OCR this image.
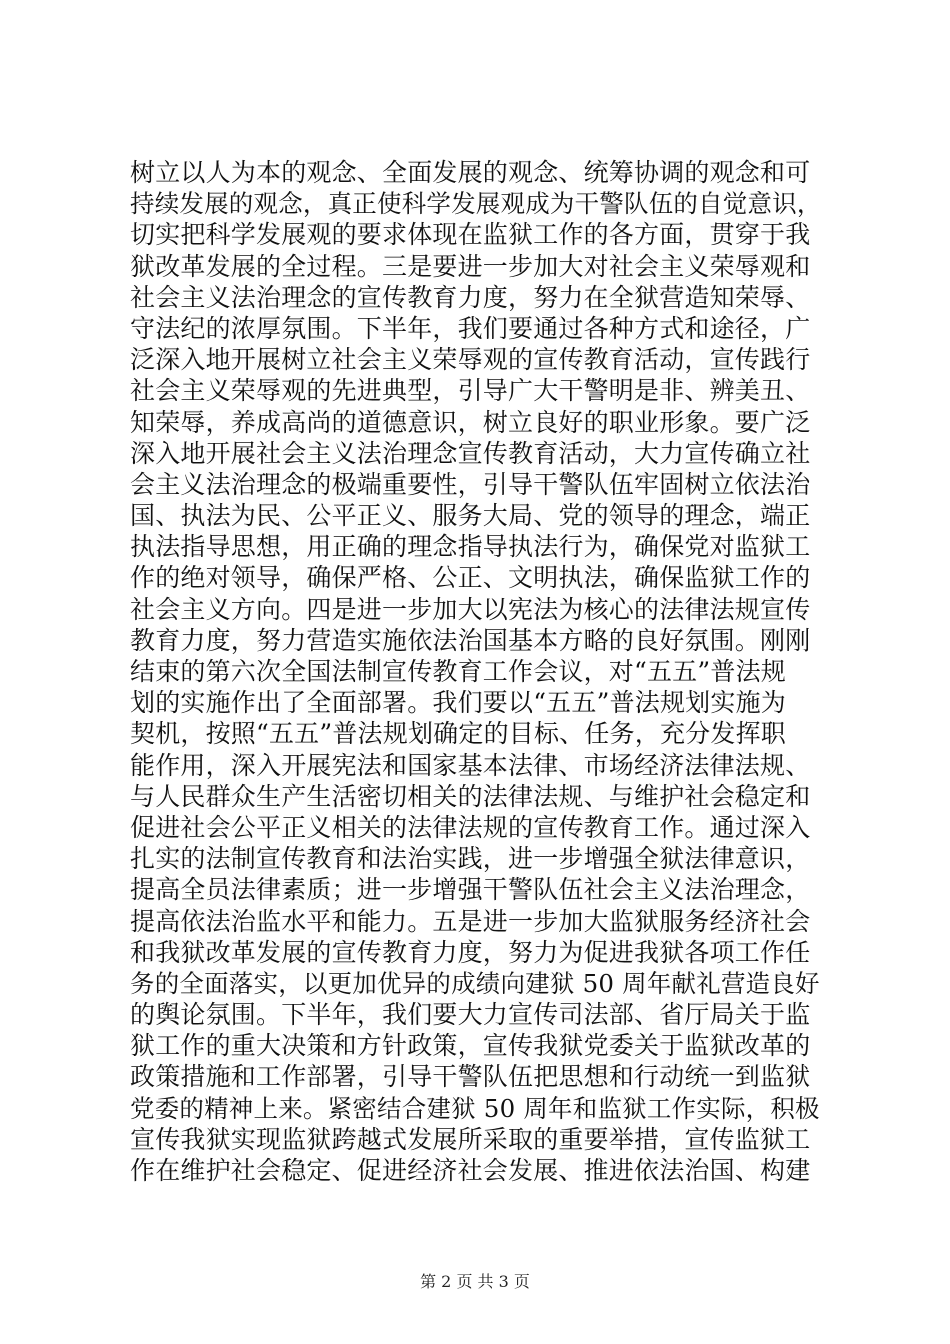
树立以人为本的观念、全面发展的观念、统筹协调的观念和可
持续发展的观念，真正使科学发展观成为干警队伍的自觉意识，
切实把科学发展观的要求体现在监狱工作的各方面，贯穿于我
狱改革发展的全过程。三是要进一步加大对社会主义荣辱观和
社会主义法治理念的宣传教育力度，努力在全狱营造知荣辱、
守法纪的浓厚氛围。下半年，我们要通过各种方式和途径，广
泛深入地开展树立社会主义荣辱观的宣传教育活动，宣传践行
社会主义荣辱观的先进典型，引导广大干警明是非、辨美丑、
知荣辱，养成高尚的道德意识，树立良好的职业形象。要广泛
深入地开展社会主义法治理念宣传教育活动，大力宣传确立社
会主义法治理念的极端重要性，引导干警队伍牢固树立依法治
国、执法为民、公平正义、服务大局、党的领导的理念，端正
执法指导思想，用正确的理念指导执法行为，确保党对监狱工
作的绝对领导，确保严格、公正、文明执法，确保监狱工作的
社会主义方向。四是进一步加大以宪法为核心的法律法规宣传
教育力度，努力营造实施依法治国基本方略的良好氛围。刚刚
结束的第六次全国法制宣传教育工作会议，对“五五”普法规
划的实施作出了全面部署。我们要以“五五”普法规划实施为
契机，按照“五五”普法规划确定的目标、任务，充分发挥职
能作用，深入开展宪法和国家基本法律、市场经济法律法规、
与人民群众生产生活密切相关的法律法规、与维护社会稳定和
促进社会公平正义相关的法律法规的宣传教育工作。通过深入
扎实的法制宣传教育和法治实践，进一步增强全狱法律意识，
提高全员法律素质；进一步增强干警队伍社会主义法治理念，
提高依法治监水平和能力。五是进一步加大监狱服务经济社会
和我狱改革发展的宣传教育力度，努力为促进我狱各项工作任
务的全面落实，以更加优异的成绩向建狱 50 周年献礼营造良好
的舆论氛围。下半年，我们要大力宣传司法部、省厅局关于监
狱工作的重大决策和方针政策，宣传我狱党委关于监狱改革的
政策措施和工作部署，引导干警队伍把思想和行动统一到监狱
党委的精神上来。紧密结合建狱 50 周年和监狱工作实际，积极
宣传我狱实现监狱跨越式发展所采取的重要举措，宣传监狱工
作在维护社会稳定、促进经济社会发展、推进依法治国、构建
第 2 页 共 3 页
